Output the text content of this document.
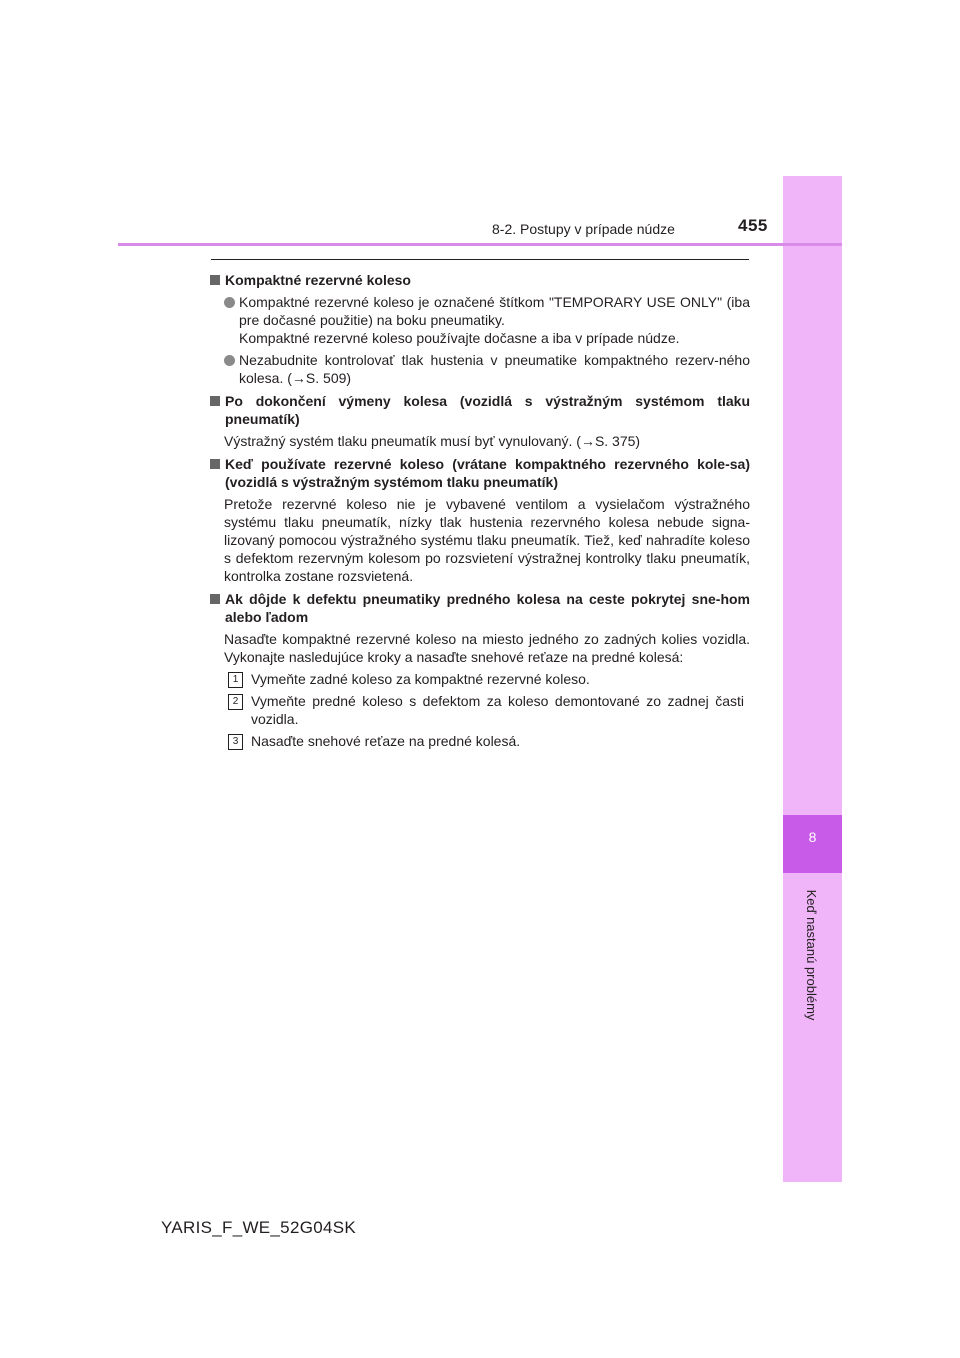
8
Keď nastanú problémy
8-2. Postupy v prípade núdze	455
Kompaktné rezervné koleso
Kompaktné rezervné koleso je označené štítkom "TEMPORARY USE ONLY" (iba pre dočasné použitie) na boku pneumatiky.
Kompaktné rezervné koleso používajte dočasne a iba v prípade núdze.
Nezabudnite kontrolovať tlak hustenia v pneumatike kompaktného rezerv-ného kolesa. (→S. 509)
Po dokončení výmeny kolesa (vozidlá s výstražným systémom tlaku pneumatík)
Výstražný systém tlaku pneumatík musí byť vynulovaný. (→S. 375)
Keď používate rezervné koleso (vrátane kompaktného rezervného kole-sa) (vozidlá s výstražným systémom tlaku pneumatík)
Pretože rezervné koleso nie je vybavené ventilom a vysielačom výstražného systému tlaku pneumatík, nízky tlak hustenia rezervného kolesa nebude signa-lizovaný pomocou výstražného systému tlaku pneumatík. Tiež, keď nahradíte koleso s defektom rezervným kolesom po rozsvietení výstražnej kontrolky tlaku pneumatík, kontrolka zostane rozsvietená.
Ak dôjde k defektu pneumatiky predného kolesa na ceste pokrytej sne-hom alebo ľadom
Nasaďte kompaktné rezervné koleso na miesto jedného zo zadných kolies vozidla. Vykonajte nasledujúce kroky a nasaďte snehové reťaze na predné kolesá:
1 Vymeňte zadné koleso za kompaktné rezervné koleso.
2 Vymeňte predné koleso s defektom za koleso demontované zo zadnej časti vozidla.
3 Nasaďte snehové reťaze na predné kolesá.
YARIS_F_WE_52G04SK
